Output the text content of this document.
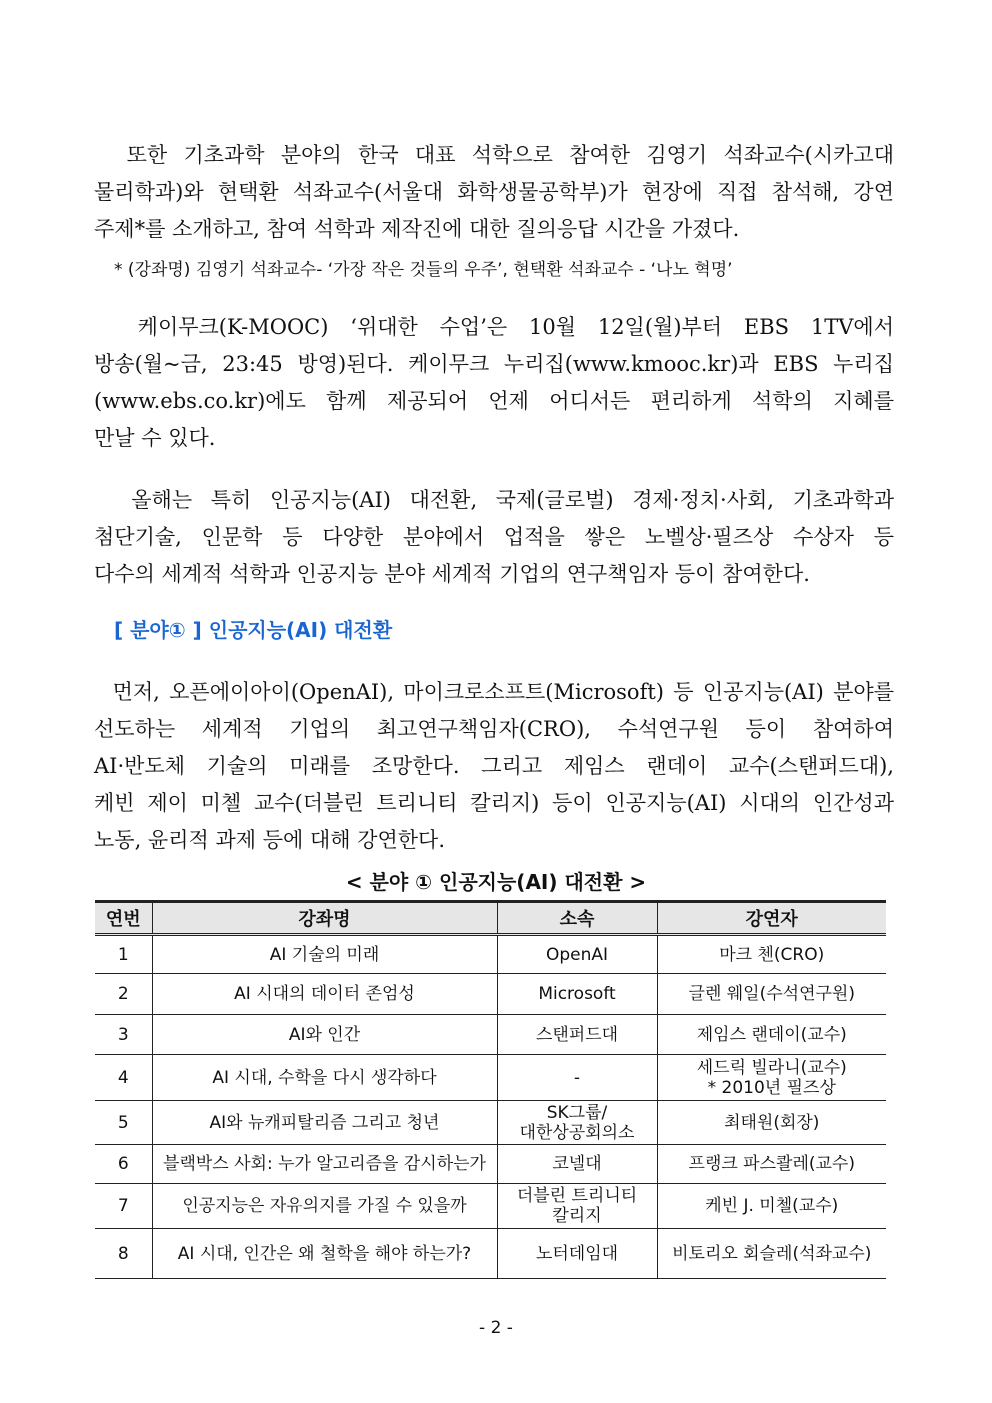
또한 기초과학 분야의 한국 대표 석학으로 참여한 김영기 석좌교수(시카고대
물리학과)와 현택환 석좌교수(서울대 화학생물공학부)가 현장에 직접 참석해, 강연
주제*를 소개하고, 참여 석학과 제작진에 대한 질의응답 시간을 가졌다.
* (강좌명) 김영기 석좌교수- ‘가장 작은 것들의 우주’, 현택환 석좌교수 - ‘나노 혁명’
케이무크(K-MOOC) ‘위대한 수업’은 10월 12일(월)부터 EBS 1TV에서
방송(월~금, 23:45 방영)된다. 케이무크 누리집(www.kmooc.kr)과 EBS 누리집
(www.ebs.co.kr)에도 함께 제공되어 언제 어디서든 편리하게 석학의 지혜를
만날 수 있다.
올해는 특히 인공지능(AI) 대전환, 국제(글로벌) 경제·정치·사회, 기초과학과
첨단기술, 인문학 등 다양한 분야에서 업적을 쌓은 노벨상·필즈상 수상자 등
다수의 세계적 석학과 인공지능 분야 세계적 기업의 연구책임자 등이 참여한다.
[ 분야① ] 인공지능(AI) 대전환
먼저, 오픈에이아이(OpenAI), 마이크로소프트(Microsoft) 등 인공지능(AI) 분야를
선도하는 세계적 기업의 최고연구책임자(CRO), 수석연구원 등이 참여하여
AI·반도체 기술의 미래를 조망한다. 그리고 제임스 랜데이 교수(스탠퍼드대),
케빈 제이 미첼 교수(더블린 트리니티 칼리지) 등이 인공지능(AI) 시대의 인간성과
노동, 윤리적 과제 등에 대해 강연한다.
< 분야 ① 인공지능(AI) 대전환 >
연번	강좌명	소속	강연자
1	AI 기술의 미래	OpenAI	마크 첸(CRO)
2	AI 시대의 데이터 존엄성	Microsoft	글렌 웨일(수석연구원)
3	AI와 인간	스탠퍼드대	제임스 랜데이(교수)
4	AI 시대, 수학을 다시 생각하다	-	세드릭 빌라니(교수)
* 2010년 필즈상
5	AI와 뉴캐피탈리즘 그리고 청년	SK그룹/
대한상공회의소	최태원(회장)
6	블랙박스 사회: 누가 알고리즘을 감시하는가	코넬대	프랭크 파스콸레(교수)
7	인공지능은 자유의지를 가질 수 있을까	더블린 트리니티
칼리지	케빈 J. 미첼(교수)
8	AI 시대, 인간은 왜 철학을 해야 하는가?	노터데임대	비토리오 회슬레(석좌교수)
- 2 -
